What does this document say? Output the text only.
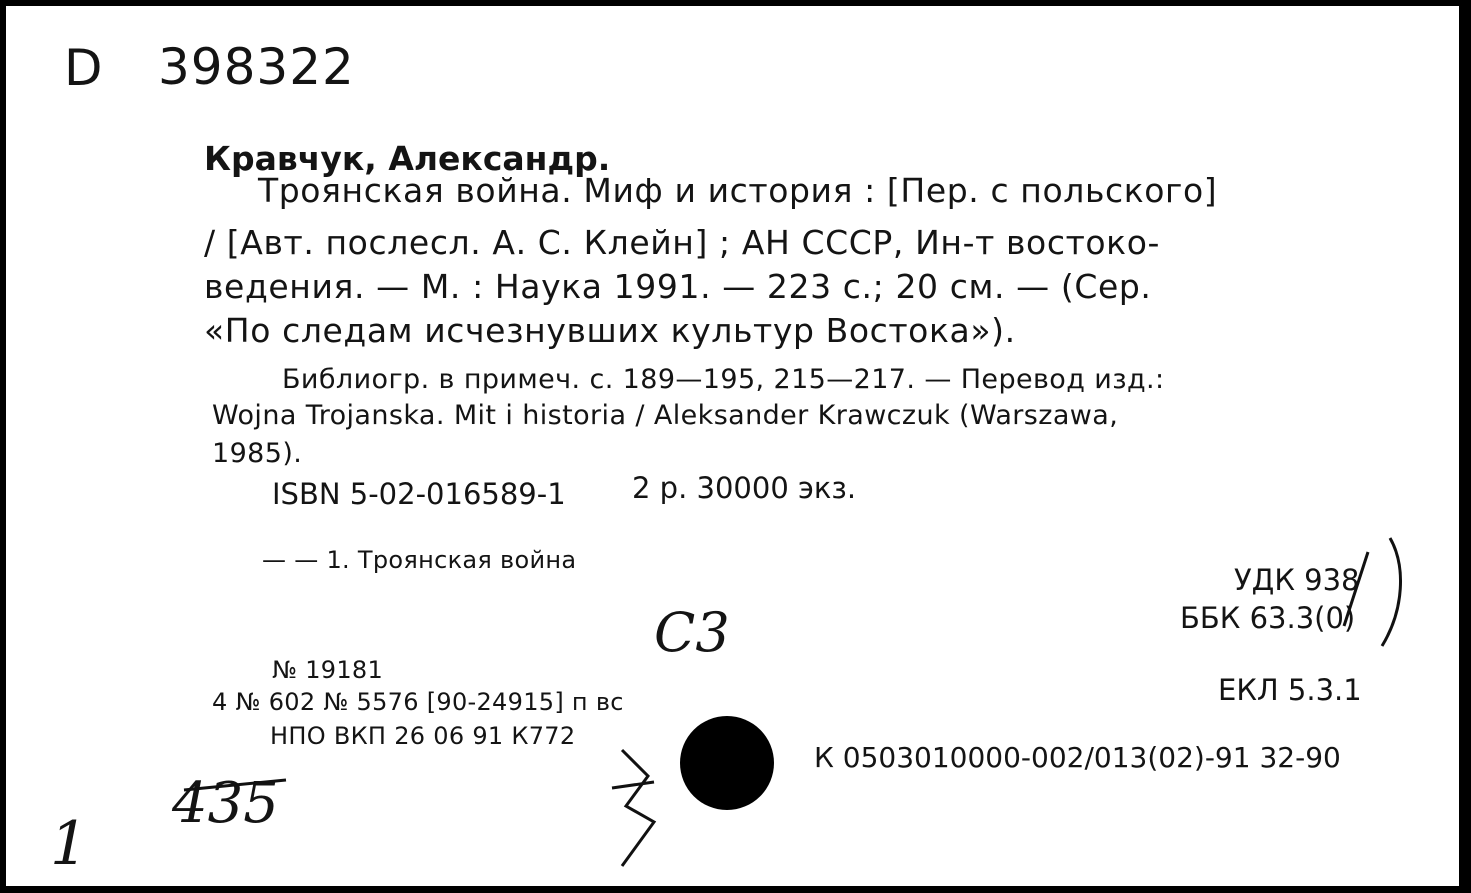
D 398322
Кравчук, Александр.
Троянская война. Миф и история : [Пер. с польского]
/ [Авт. послесл. А. С. Клейн] ; АН СССР, Ин-т востоко-
ведения. — М. : Наука 1991. — 223 с.; 20 см. — (Сер.
«По следам исчезнувших культур Востока»).
Библиогр. в примеч. с. 189—195, 215—217. — Перевод изд.:
Wojna Trojanska. Mit i historia / Aleksander Krawczuk (Warszawa,
1985).
ISBN 5-02-016589-1 2 р. 30000 экз.
— — 1. Троянская война
УДК 938
ББК 63.3(0)
ЕКЛ 5.3.1
№ 19181
4 № 602 № 5576 [90-24915] п вс
НПО ВКП 26 06 91 К772
К 0503010000-002/013(02)-91 32-90
С3
435
1
